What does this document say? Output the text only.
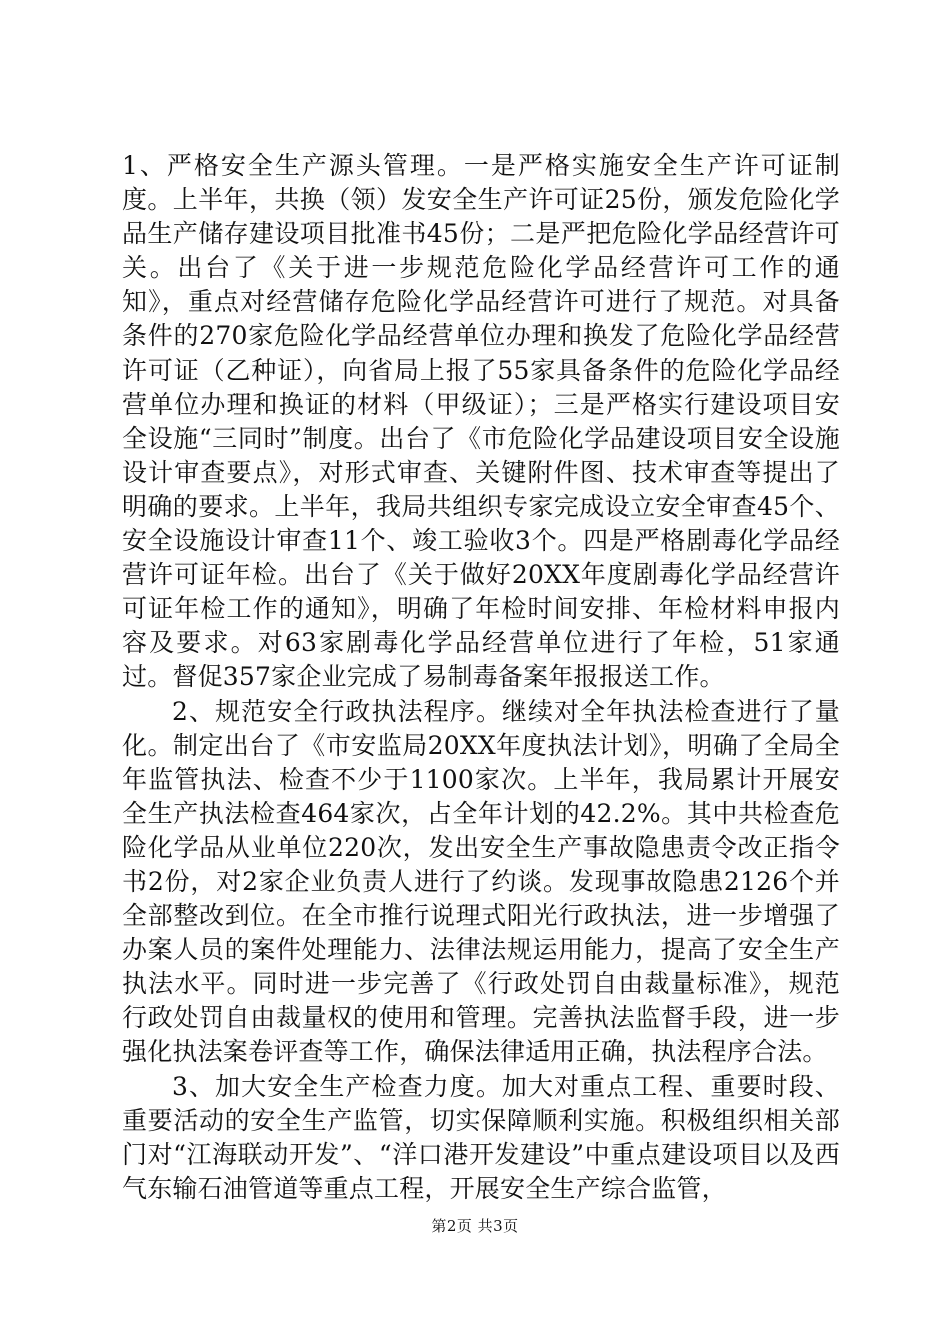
1、严格安全生产源头管理。一是严格实施安全生产许可证制度。上半年，共换（领）发安全生产许可证25份，颁发危险化学品生产储存建设项目批准书45份；二是严把危险化学品经营许可关。出台了《关于进一步规范危险化学品经营许可工作的通知》，重点对经营储存危险化学品经营许可进行了规范。对具备条件的270家危险化学品经营单位办理和换发了危险化学品经营许可证（乙种证），向省局上报了55家具备条件的危险化学品经营单位办理和换证的材料（甲级证）；三是严格实行建设项目安全设施“三同时”制度。出台了《市危险化学品建设项目安全设施设计审查要点》，对形式审查、关键附件图、技术审查等提出了明确的要求。上半年，我局共组织专家完成设立安全审查45个、安全设施设计审查11个、竣工验收3个。四是严格剧毒化学品经营许可证年检。出台了《关于做好20XX年度剧毒化学品经营许可证年检工作的通知》，明确了年检时间安排、年检材料申报内容及要求。对63家剧毒化学品经营单位进行了年检，51家通过。督促357家企业完成了易制毒备案年报报送工作。

2、规范安全行政执法程序。继续对全年执法检查进行了量化。制定出台了《市安监局20XX年度执法计划》，明确了全局全年监管执法、检查不少于1100家次。上半年，我局累计开展安全生产执法检查464家次，占全年计划的42.2%。其中共检查危险化学品从业单位220次，发出安全生产事故隐患责令改正指令书2份，对2家企业负责人进行了约谈。发现事故隐患2126个并全部整改到位。在全市推行说理式阳光行政执法，进一步增强了办案人员的案件处理能力、法律法规运用能力，提高了安全生产执法水平。同时进一步完善了《行政处罚自由裁量标准》，规范行政处罚自由裁量权的使用和管理。完善执法监督手段，进一步强化执法案卷评查等工作，确保法律适用正确，执法程序合法。

3、加大安全生产检查力度。加大对重点工程、重要时段、重要活动的安全生产监管，切实保障顺利实施。积极组织相关部门对“江海联动开发”、“洋口港开发建设”中重点建设项目以及西气东输石油管道等重点工程，开展安全生产综合监管，

第2页 共3页
